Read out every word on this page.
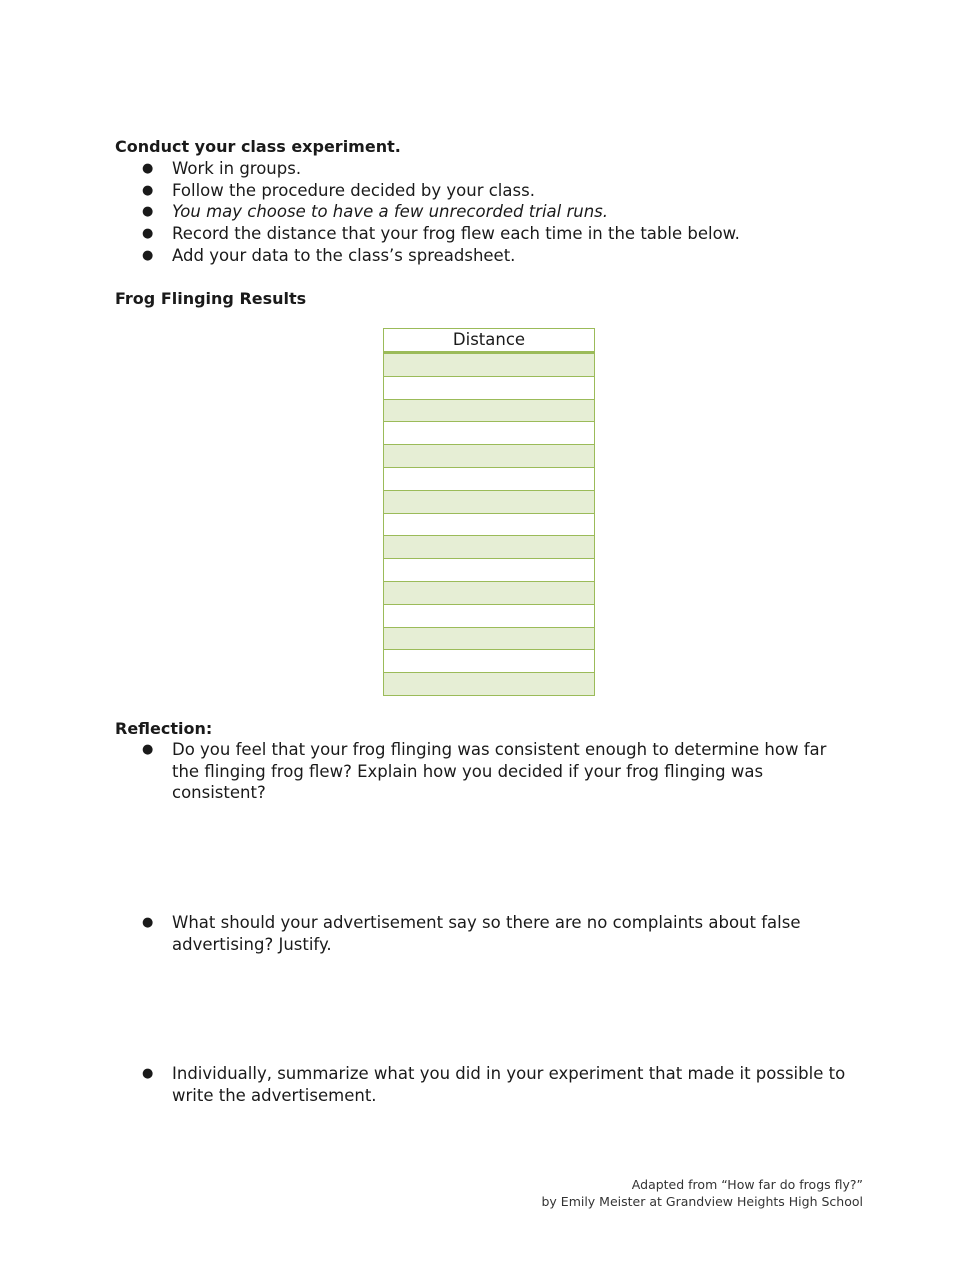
Conduct your class experiment.
● Work in groups.
● Follow the procedure decided by your class.
● You may choose to have a few unrecorded trial runs.
● Record the distance that your frog flew each time in the table below.
● Add your data to the class’s spreadsheet.
Frog Flinging Results
Distance

Reflection:
● Do you feel that your frog flinging was consistent enough to determine how far the flinging frog flew? Explain how you decided if your frog flinging was consistent?
● What should your advertisement say so there are no complaints about false advertising? Justify.
● Individually, summarize what you did in your experiment that made it possible to write the advertisement.
Adapted from “How far do frogs fly?”
by Emily Meister at Grandview Heights High School
